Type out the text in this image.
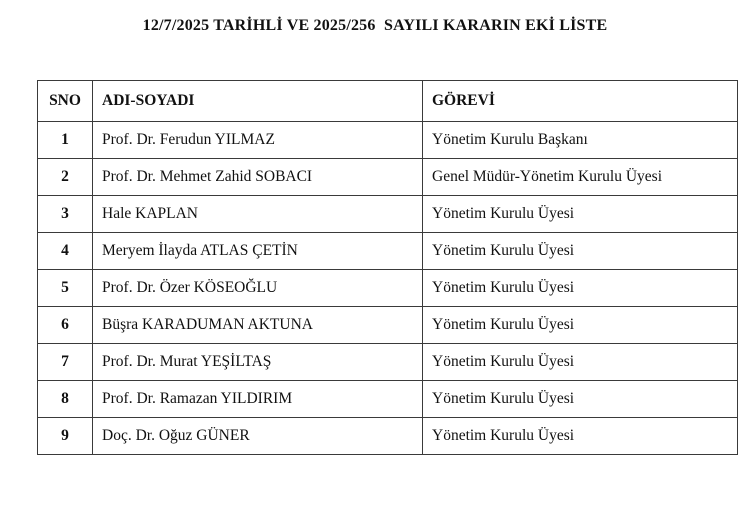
12/7/2025 TARİHLİ VE 2025/256  SAYILI KARARIN EKİ LİSTE
SNO	ADI-SOYADI	GÖREVİ
1	Prof. Dr. Ferudun YILMAZ	Yönetim Kurulu Başkanı
2	Prof. Dr. Mehmet Zahid SOBACI	Genel Müdür-Yönetim Kurulu Üyesi
3	Hale KAPLAN	Yönetim Kurulu Üyesi
4	Meryem İlayda ATLAS ÇETİN	Yönetim Kurulu Üyesi
5	Prof. Dr. Özer KÖSEOĞLU	Yönetim Kurulu Üyesi
6	Büşra KARADUMAN AKTUNA	Yönetim Kurulu Üyesi
7	Prof. Dr. Murat YEŞİLTAŞ	Yönetim Kurulu Üyesi
8	Prof. Dr. Ramazan YILDIRIM	Yönetim Kurulu Üyesi
9	Doç. Dr. Oğuz GÜNER	Yönetim Kurulu Üyesi
